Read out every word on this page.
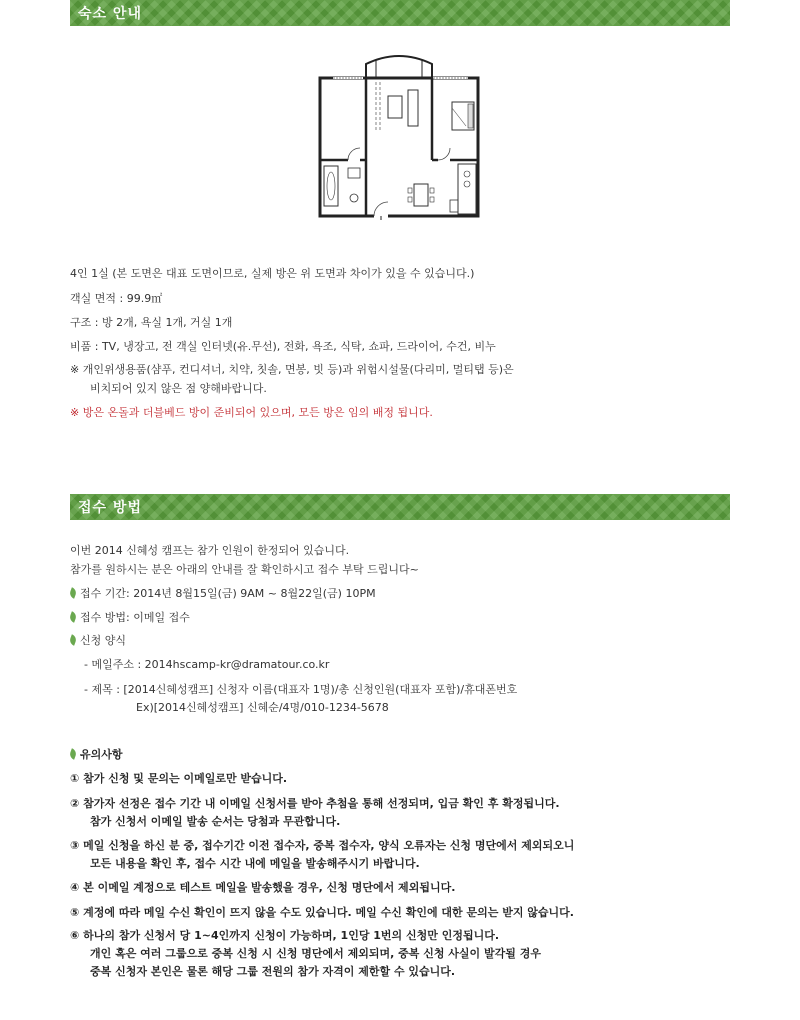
숙소 안내
4인 1실 (본 도면은 대표 도면이므로, 실제 방은 위 도면과 차이가 있을 수 있습니다.)
객실 면적 : 99.9㎡
구조 : 방 2개, 욕실 1개, 거실 1개
비품 : TV, 냉장고, 전 객실 인터넷(유.무선), 전화, 욕조, 식탁, 쇼파, 드라이어, 수건, 비누
※ 개인위생용품(샴푸, 컨디셔너, 치약, 칫솔, 면봉, 빗 등)과 위험시설물(다리미, 멀티탭 등)은
비치되어 있지 않은 점 양해바랍니다.
※ 방은 온돌과 더블베드 방이 준비되어 있으며, 모든 방은 임의 배정 됩니다.
접수 방법
이번 2014 신혜성 캠프는 참가 인원이 한정되어 있습니다.
참가를 원하시는 분은 아래의 안내를 잘 확인하시고 접수 부탁 드립니다~
접수 기간: 2014년 8월15일(금) 9AM ~ 8월22일(금) 10PM
접수 방법: 이메일 접수
신청 양식
- 메일주소 : 2014hscamp-kr@dramatour.co.kr
- 제목 : [2014신혜성캠프] 신청자 이름(대표자 1명)/총 신청인원(대표자 포함)/휴대폰번호
Ex)[2014신혜성캠프] 신혜순/4명/010-1234-5678
유의사항
① 참가 신청 및 문의는 이메일로만 받습니다.
② 참가자 선정은 접수 기간 내 이메일 신청서를 받아 추첨을 통해 선정되며, 입금 확인 후 확정됩니다.
참가 신청서 이메일 발송 순서는 당첨과 무관합니다.
③ 메일 신청을 하신 분 중, 접수기간 이전 접수자, 중복 접수자, 양식 오류자는 신청 명단에서 제외되오니
모든 내용을 확인 후, 접수 시간 내에 메일을 발송해주시기 바랍니다.
④ 본 이메일 계정으로 테스트 메일을 발송했을 경우, 신청 명단에서 제외됩니다.
⑤ 계정에 따라 메일 수신 확인이 뜨지 않을 수도 있습니다. 메일 수신 확인에 대한 문의는 받지 않습니다.
⑥ 하나의 참가 신청서 당 1~4인까지 신청이 가능하며, 1인당 1번의 신청만 인정됩니다.
개인 혹은 여러 그룹으로 중복 신청 시 신청 명단에서 제외되며, 중복 신청 사실이 발각될 경우
중복 신청자 본인은 물론 해당 그룹 전원의 참가 자격이 제한할 수 있습니다.
